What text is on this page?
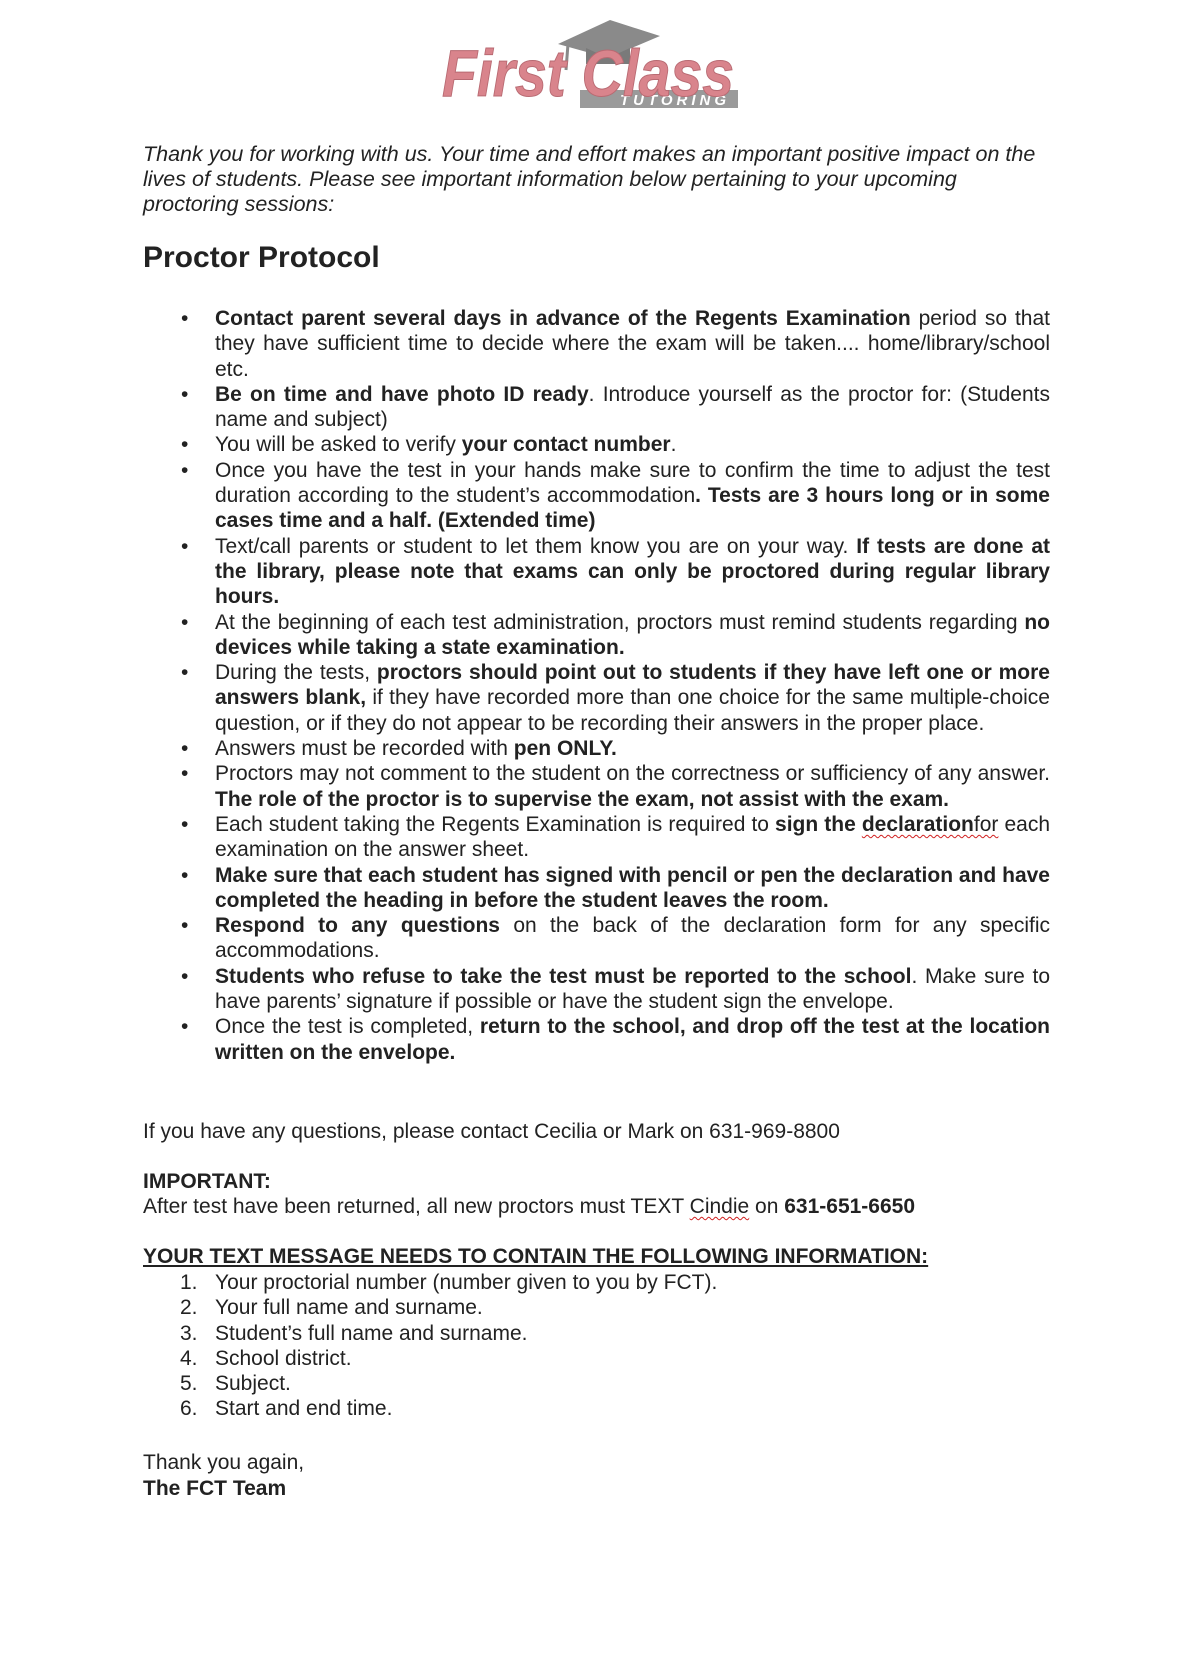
TUTORING
First Class

Thank you for working with us. Your time and effort makes an important positive impact on the lives of students. Please see important information below pertaining to your upcoming proctoring sessions:

Proctor Protocol
• Contact parent several days in advance of the Regents Examination period so that they have sufficient time to decide where the exam will be taken.... home/library/school etc.
• Be on time and have photo ID ready. Introduce yourself as the proctor for: (Students name and subject)
• You will be asked to verify your contact number.
• Once you have the test in your hands make sure to confirm the time to adjust the test duration according to the student’s accommodation. Tests are 3 hours long or in some cases time and a half. (Extended time)
• Text/call parents or student to let them know you are on your way. If tests are done at the library, please note that exams can only be proctored during regular library hours.
• At the beginning of each test administration, proctors must remind students regarding no devices while taking a state examination.
• During the tests, proctors should point out to students if they have left one or more answers blank, if they have recorded more than one choice for the same multiple-choice question, or if they do not appear to be recording their answers in the proper place.
• Answers must be recorded with pen ONLY.
• Proctors may not comment to the student on the correctness or sufficiency of any answer. The role of the proctor is to supervise the exam, not assist with the exam.
• Each student taking the Regents Examination is required to sign the declarationfor each examination on the answer sheet.
• Make sure that each student has signed with pencil or pen the declaration and have completed the heading in before the student leaves the room.
• Respond to any questions on the back of the declaration form for any specific accommodations.
• Students who refuse to take the test must be reported to the school. Make sure to have parents’ signature if possible or have the student sign the envelope.
• Once the test is completed, return to the school, and drop off the test at the location written on the envelope.

If you have any questions, please contact Cecilia or Mark on 631-969-8800

IMPORTANT:

After test have been returned, all new proctors must TEXT Cindie on 631-651-6650

YOUR TEXT MESSAGE NEEDS TO CONTAIN THE FOLLOWING INFORMATION:

1. Your proctorial number (number given to you by FCT).
2. Your full name and surname.
3. Student’s full name and surname.
4. School district.
5. Subject.
6. Start and end time.

Thank you again,

The FCT Team
